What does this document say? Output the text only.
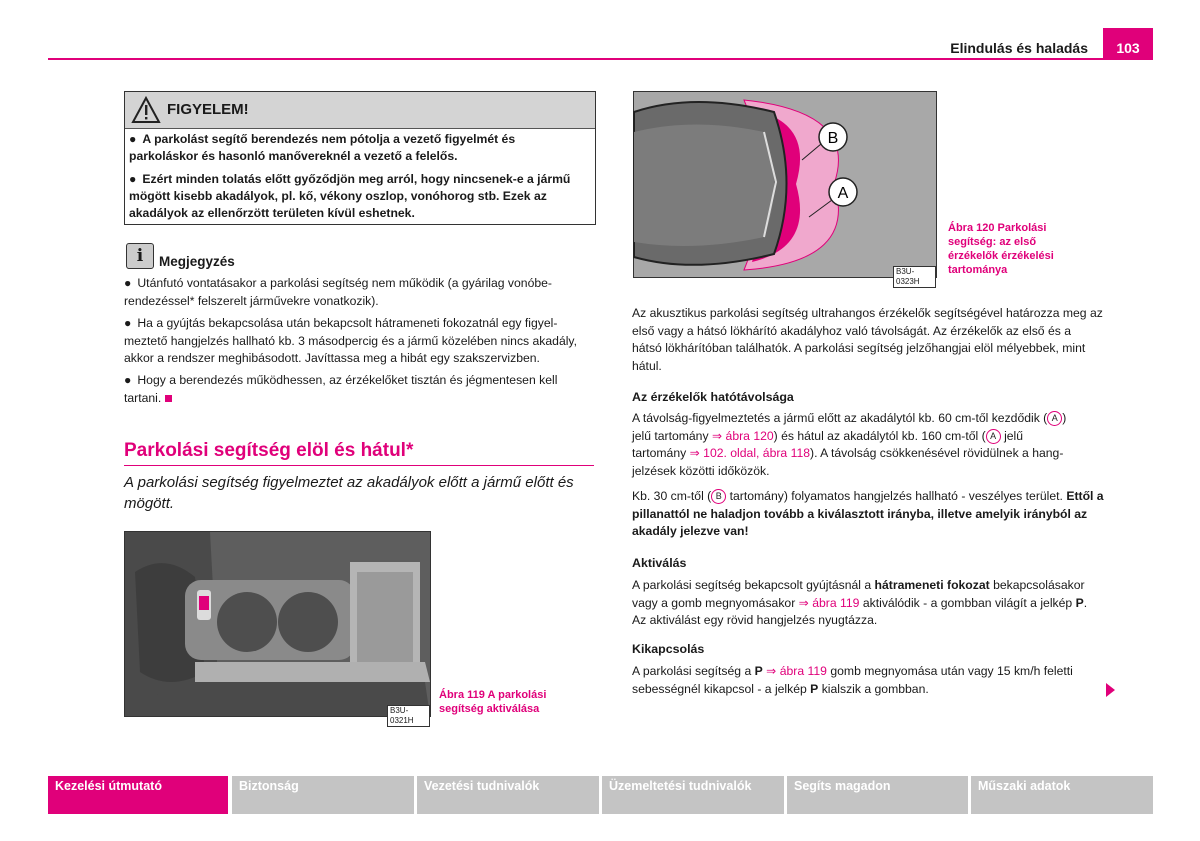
Elindulás és haladás	103
FIGYELEM!
● A parkolást segítő berendezés nem pótolja a vezető figyelmét és parkoláskor és hasonló manővereknél a vezető a felelős.
● Ezért minden tolatás előtt győződjön meg arról, hogy nincsenek-e a jármű mögött kisebb akadályok, pl. kő, vékony oszlop, vonóhorog stb. Ezek az akadályok az ellenőrzött területen kívül eshetnek.
i	Megjegyzés
● Utánfutó vontatásakor a parkolási segítség nem működik (a gyárilag vonóbe-rendezéssel* felszerelt járművekre vonatkozik).
● Ha a gyújtás bekapcsolása után bekapcsolt hátrameneti fokozatnál egy figyel-meztető hangjelzés hallható kb. 3 másodpercig és a jármű közelében nincs akadály, akkor a rendszer meghibásodott. Javíttassa meg a hibát egy szakszervizben.
● Hogy a berendezés működhessen, az érzékelőket tisztán és jégmentesen kell tartani.
Parkolási segítség elöl és hátul*
A parkolási segítség figyelmeztet az akadályok előtt a jármű előtt és mögött.
B3U-0321H
Ábra 119 A parkolási segítség aktiválása
B
A
B3U-0323H
Ábra 120 Parkolási segítség: az első érzékelők érzékelési tartománya
Az akusztikus parkolási segítség ultrahangos érzékelők segítségével határozza meg az első vagy a hátsó lökhárító akadályhoz való távolságát. Az érzékelők az első és a hátsó lökhárítóban találhatók. A parkolási segítség jelzőhangjai elöl mélyebbek, mint hátul.
Az érzékelők hatótávolsága
A távolság-figyelmeztetés a jármű előtt az akadálytól kb. 60 cm-től kezdődik ( A )
jelű tartomány ⇒ ábra 120) és hátul az akadálytól kb. 160 cm-től ( A jelű
tartomány ⇒ 102. oldal, ábra 118). A távolság csökkenésével rövidülnek a hang-
jelzések közötti időközök.
Kb. 30 cm-től ( B tartomány) folyamatos hangjelzés hallható - veszélyes terület. Ettől a pillanattól ne haladjon tovább a kiválasztott irányba, illetve amelyik irányból az akadály jelezve van!
Aktiválás
A parkolási segítség bekapcsolt gyújtásnál a hátrameneti fokozat bekapcsolásakor vagy a gomb megnyomásakor ⇒ ábra 119 aktiválódik - a gombban világít a jelkép P. Az aktiválást egy rövid hangjelzés nyugtázza.
Kikapcsolás
A parkolási segítség a P ⇒ ábra 119 gomb megnyomása után vagy 15 km/h feletti
sebességnél kikapcsol - a jelkép P kialszik a gombban.
Kezelési útmutató	Biztonság	Vezetési tudnivalók	Üzemeltetési tudnivalók	Segíts magadon	Műszaki adatok
